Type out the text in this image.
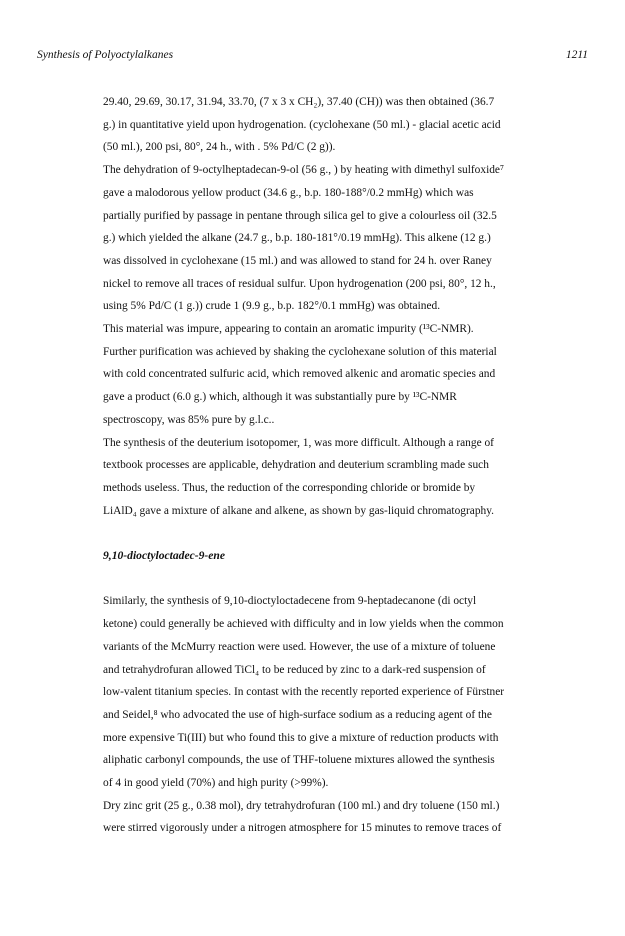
Synthesis of Polyoctylalkanes	1211
29.40, 29.69, 30.17, 31.94, 33.70, (7 x 3 x CH₂), 37.40 (CH)) was then obtained (36.7
g.) in quantitative yield upon hydrogenation. (cyclohexane (50 ml.) - glacial acetic acid
(50 ml.), 200 psi, 80°, 24 h., with . 5% Pd/C (2 g)).
The dehydration of 9-octylheptadecan-9-ol (56 g., ) by heating with dimethyl sulfoxide⁷
gave a malodorous yellow product (34.6 g., b.p. 180-188°/0.2 mmHg) which was
partially purified by passage in pentane through silica gel to give a colourless oil (32.5
g.) which yielded the alkane (24.7 g., b.p. 180-181°/0.19 mmHg). This alkene (12 g.)
was dissolved in cyclohexane (15 ml.) and was allowed to stand for 24 h. over Raney
nickel to remove all traces of residual sulfur. Upon hydrogenation (200 psi, 80°, 12 h.,
using 5% Pd/C (1 g.)) crude 1 (9.9 g., b.p. 182°/0.1 mmHg) was obtained.
This material was impure, appearing to contain an aromatic impurity (¹³C-NMR).
Further purification was achieved by shaking the cyclohexane solution of this material
with cold concentrated sulfuric acid, which removed alkenic and aromatic species and
gave a product (6.0 g.) which, although it was substantially pure by ¹³C-NMR
spectroscopy, was 85% pure by g.l.c..
The synthesis of the deuterium isotopomer, 1, was more difficult. Although a range of
textbook processes are applicable, dehydration and deuterium scrambling made such
methods useless. Thus, the reduction of the corresponding chloride or bromide by
LiAlD₄ gave a mixture of alkane and alkene, as shown by gas-liquid chromatography.
9,10-dioctyloctadec-9-ene
Similarly, the synthesis of 9,10-dioctyloctadecene from 9-heptadecanone (di octyl
ketone) could generally be achieved with difficulty and in low yields when the common
variants of the McMurry reaction were used. However, the use of a mixture of toluene
and tetrahydrofuran allowed TiCl₄ to be reduced by zinc to a dark-red suspension of
low-valent titanium species. In contast with the recently reported experience of Fürstner
and Seidel,⁸ who advocated the use of high-surface sodium as a reducing agent of the
more expensive Ti(III) but who found this to give a mixture of reduction products with
aliphatic carbonyl compounds, the use of THF-toluene mixtures allowed the synthesis
of 4 in good yield (70%) and high purity (>99%).
Dry zinc grit (25 g., 0.38 mol), dry tetrahydrofuran (100 ml.) and dry toluene (150 ml.)
were stirred vigorously under a nitrogen atmosphere for 15 minutes to remove traces of
